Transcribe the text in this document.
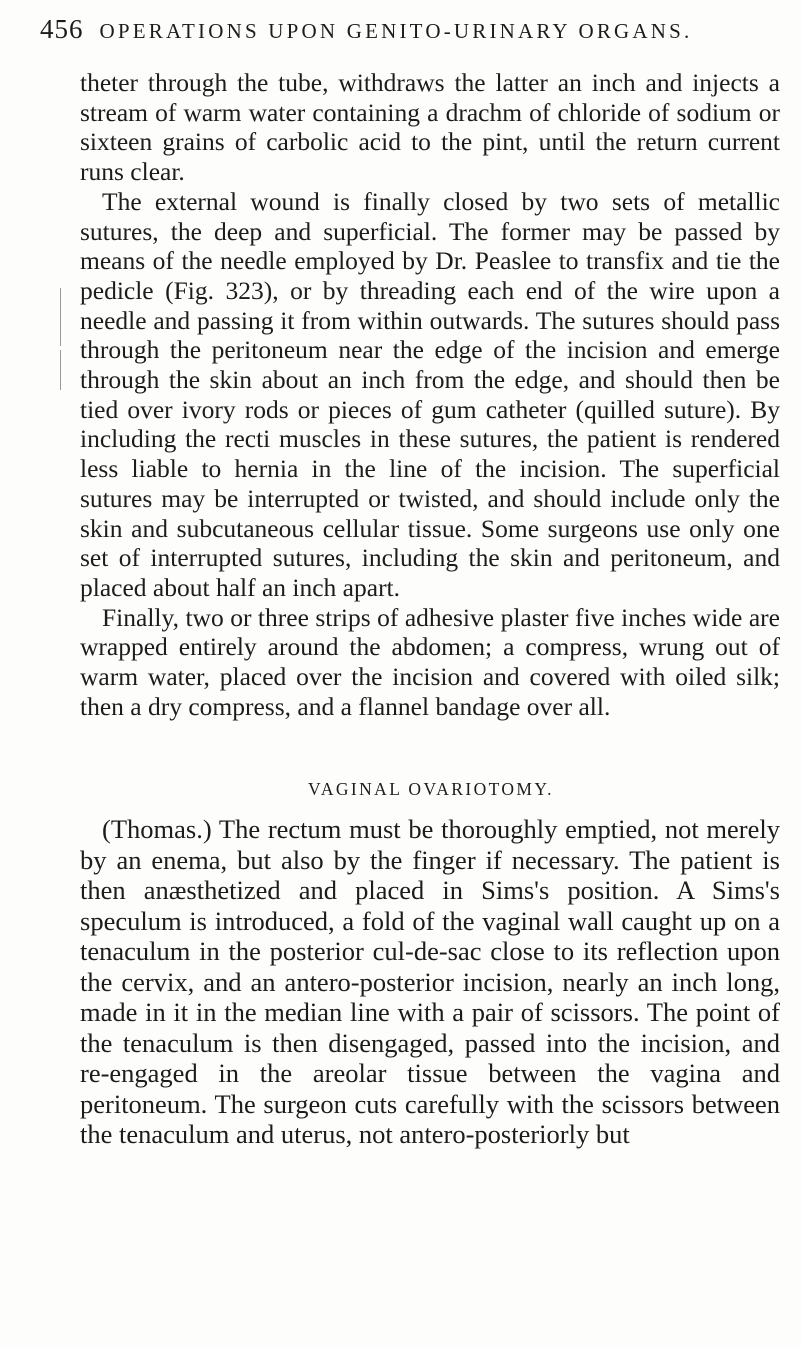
456 OPERATIONS UPON GENITO-URINARY ORGANS.

theter through the tube, withdraws the latter an inch and injects a stream of warm water containing a drachm of chloride of sodium or sixteen grains of carbolic acid to the pint, until the return current runs clear.

The external wound is finally closed by two sets of metallic sutures, the deep and superficial. The former may be passed by means of the needle employed by Dr. Peaslee to transfix and tie the pedicle (Fig. 323), or by threading each end of the wire upon a needle and passing it from within outwards. The sutures should pass through the peritoneum near the edge of the incision and emerge through the skin about an inch from the edge, and should then be tied over ivory rods or pieces of gum catheter (quilled suture). By including the recti muscles in these sutures, the patient is rendered less liable to hernia in the line of the incision. The superficial sutures may be interrupted or twisted, and should include only the skin and subcutaneous cellular tissue. Some surgeons use only one set of interrupted sutures, including the skin and peritoneum, and placed about half an inch apart.

Finally, two or three strips of adhesive plaster five inches wide are wrapped entirely around the abdomen; a compress, wrung out of warm water, placed over the incision and covered with oiled silk; then a dry compress, and a flannel bandage over all.

VAGINAL OVARIOTOMY.

(Thomas.) The rectum must be thoroughly emptied, not merely by an enema, but also by the finger if necessary. The patient is then anæsthetized and placed in Sims's position. A Sims's speculum is introduced, a fold of the vaginal wall caught up on a tenaculum in the posterior cul-de-sac close to its reflection upon the cervix, and an antero-posterior incision, nearly an inch long, made in it in the median line with a pair of scissors. The point of the tenaculum is then disengaged, passed into the incision, and re-engaged in the areolar tissue between the vagina and peritoneum. The surgeon cuts carefully with the scissors between the tenaculum and uterus, not antero-posteriorly but
